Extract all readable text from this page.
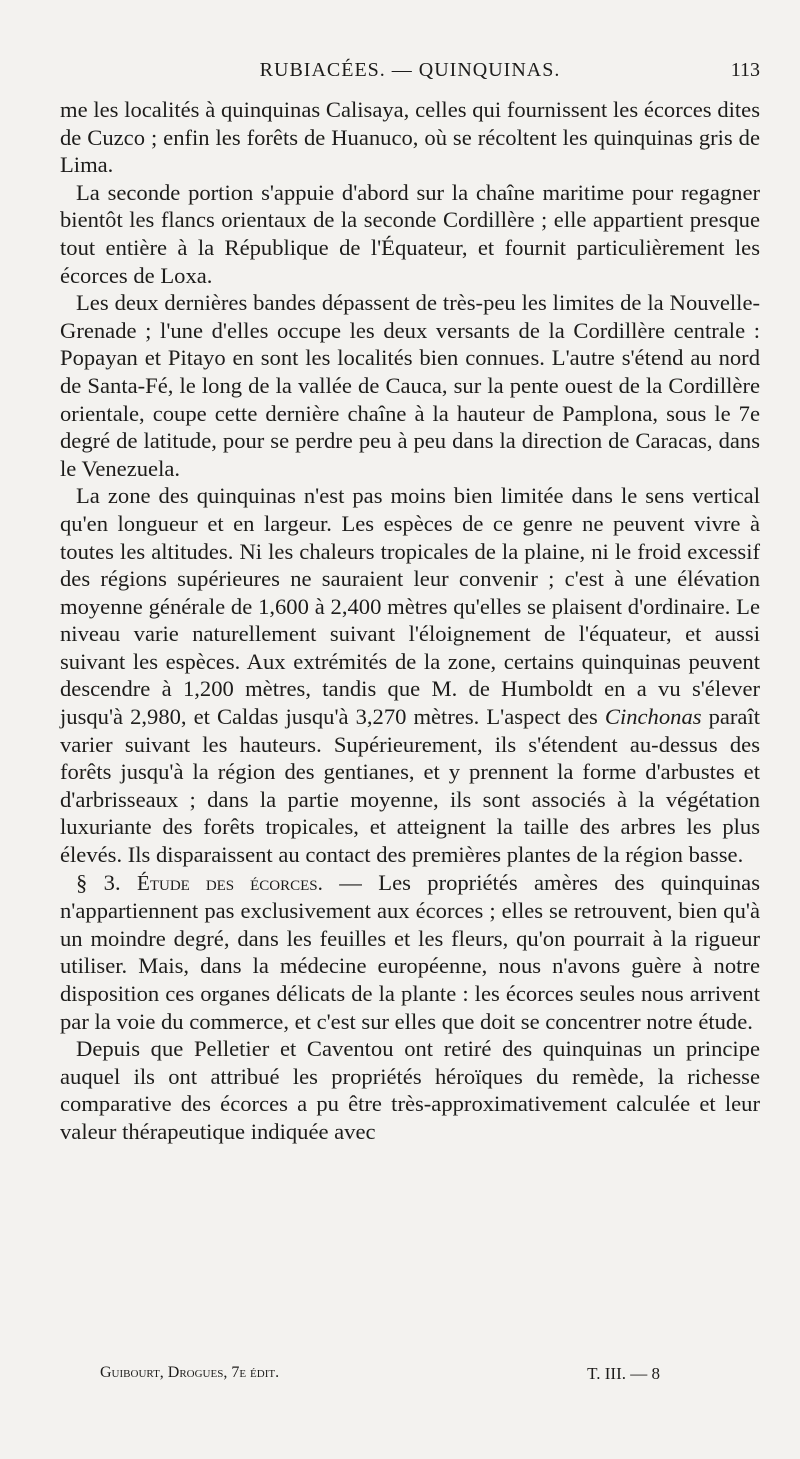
RUBIACÉES. — QUINQUINAS.	113

me les localités à quinquinas Calisaya, celles qui fournissent les écorces dites de Cuzco ; enfin les forêts de Huanuco, où se récoltent les quinquinas gris de Lima.

La seconde portion s'appuie d'abord sur la chaîne maritime pour regagner bientôt les flancs orientaux de la seconde Cordillère ; elle appartient presque tout entière à la République de l'Équateur, et fournit particulièrement les écorces de Loxa.

Les deux dernières bandes dépassent de très-peu les limites de la Nouvelle-Grenade ; l'une d'elles occupe les deux versants de la Cordillère centrale : Popayan et Pitayo en sont les localités bien connues. L'autre s'étend au nord de Santa-Fé, le long de la vallée de Cauca, sur la pente ouest de la Cordillère orientale, coupe cette dernière chaîne à la hauteur de Pamplona, sous le 7e degré de latitude, pour se perdre peu à peu dans la direction de Caracas, dans le Venezuela.

La zone des quinquinas n'est pas moins bien limitée dans le sens vertical qu'en longueur et en largeur. Les espèces de ce genre ne peuvent vivre à toutes les altitudes. Ni les chaleurs tropicales de la plaine, ni le froid excessif des régions supérieures ne sauraient leur convenir ; c'est à une élévation moyenne générale de 1,600 à 2,400 mètres qu'elles se plaisent d'ordinaire. Le niveau varie naturellement suivant l'éloignement de l'équateur, et aussi suivant les espèces. Aux extrémités de la zone, certains quinquinas peuvent descendre à 1,200 mètres, tandis que M. de Humboldt en a vu s'élever jusqu'à 2,980, et Caldas jusqu'à 3,270 mètres. L'aspect des Cinchonas paraît varier suivant les hauteurs. Supérieurement, ils s'étendent au-dessus des forêts jusqu'à la région des gentianes, et y prennent la forme d'arbustes et d'arbrisseaux ; dans la partie moyenne, ils sont associés à la végétation luxuriante des forêts tropicales, et atteignent la taille des arbres les plus élevés. Ils disparaissent au contact des premières plantes de la région basse.

§ 3. Étude des écorces. — Les propriétés amères des quinquinas n'appartiennent pas exclusivement aux écorces ; elles se retrouvent, bien qu'à un moindre degré, dans les feuilles et les fleurs, qu'on pourrait à la rigueur utiliser. Mais, dans la médecine européenne, nous n'avons guère à notre disposition ces organes délicats de la plante : les écorces seules nous arrivent par la voie du commerce, et c'est sur elles que doit se concentrer notre étude.

Depuis que Pelletier et Caventou ont retiré des quinquinas un principe auquel ils ont attribué les propriétés héroïques du remède, la richesse comparative des écorces a pu être très-approximativement calculée et leur valeur thérapeutique indiquée avec

Guibourt, Drogues, 7e édit.	T. III. — 8
